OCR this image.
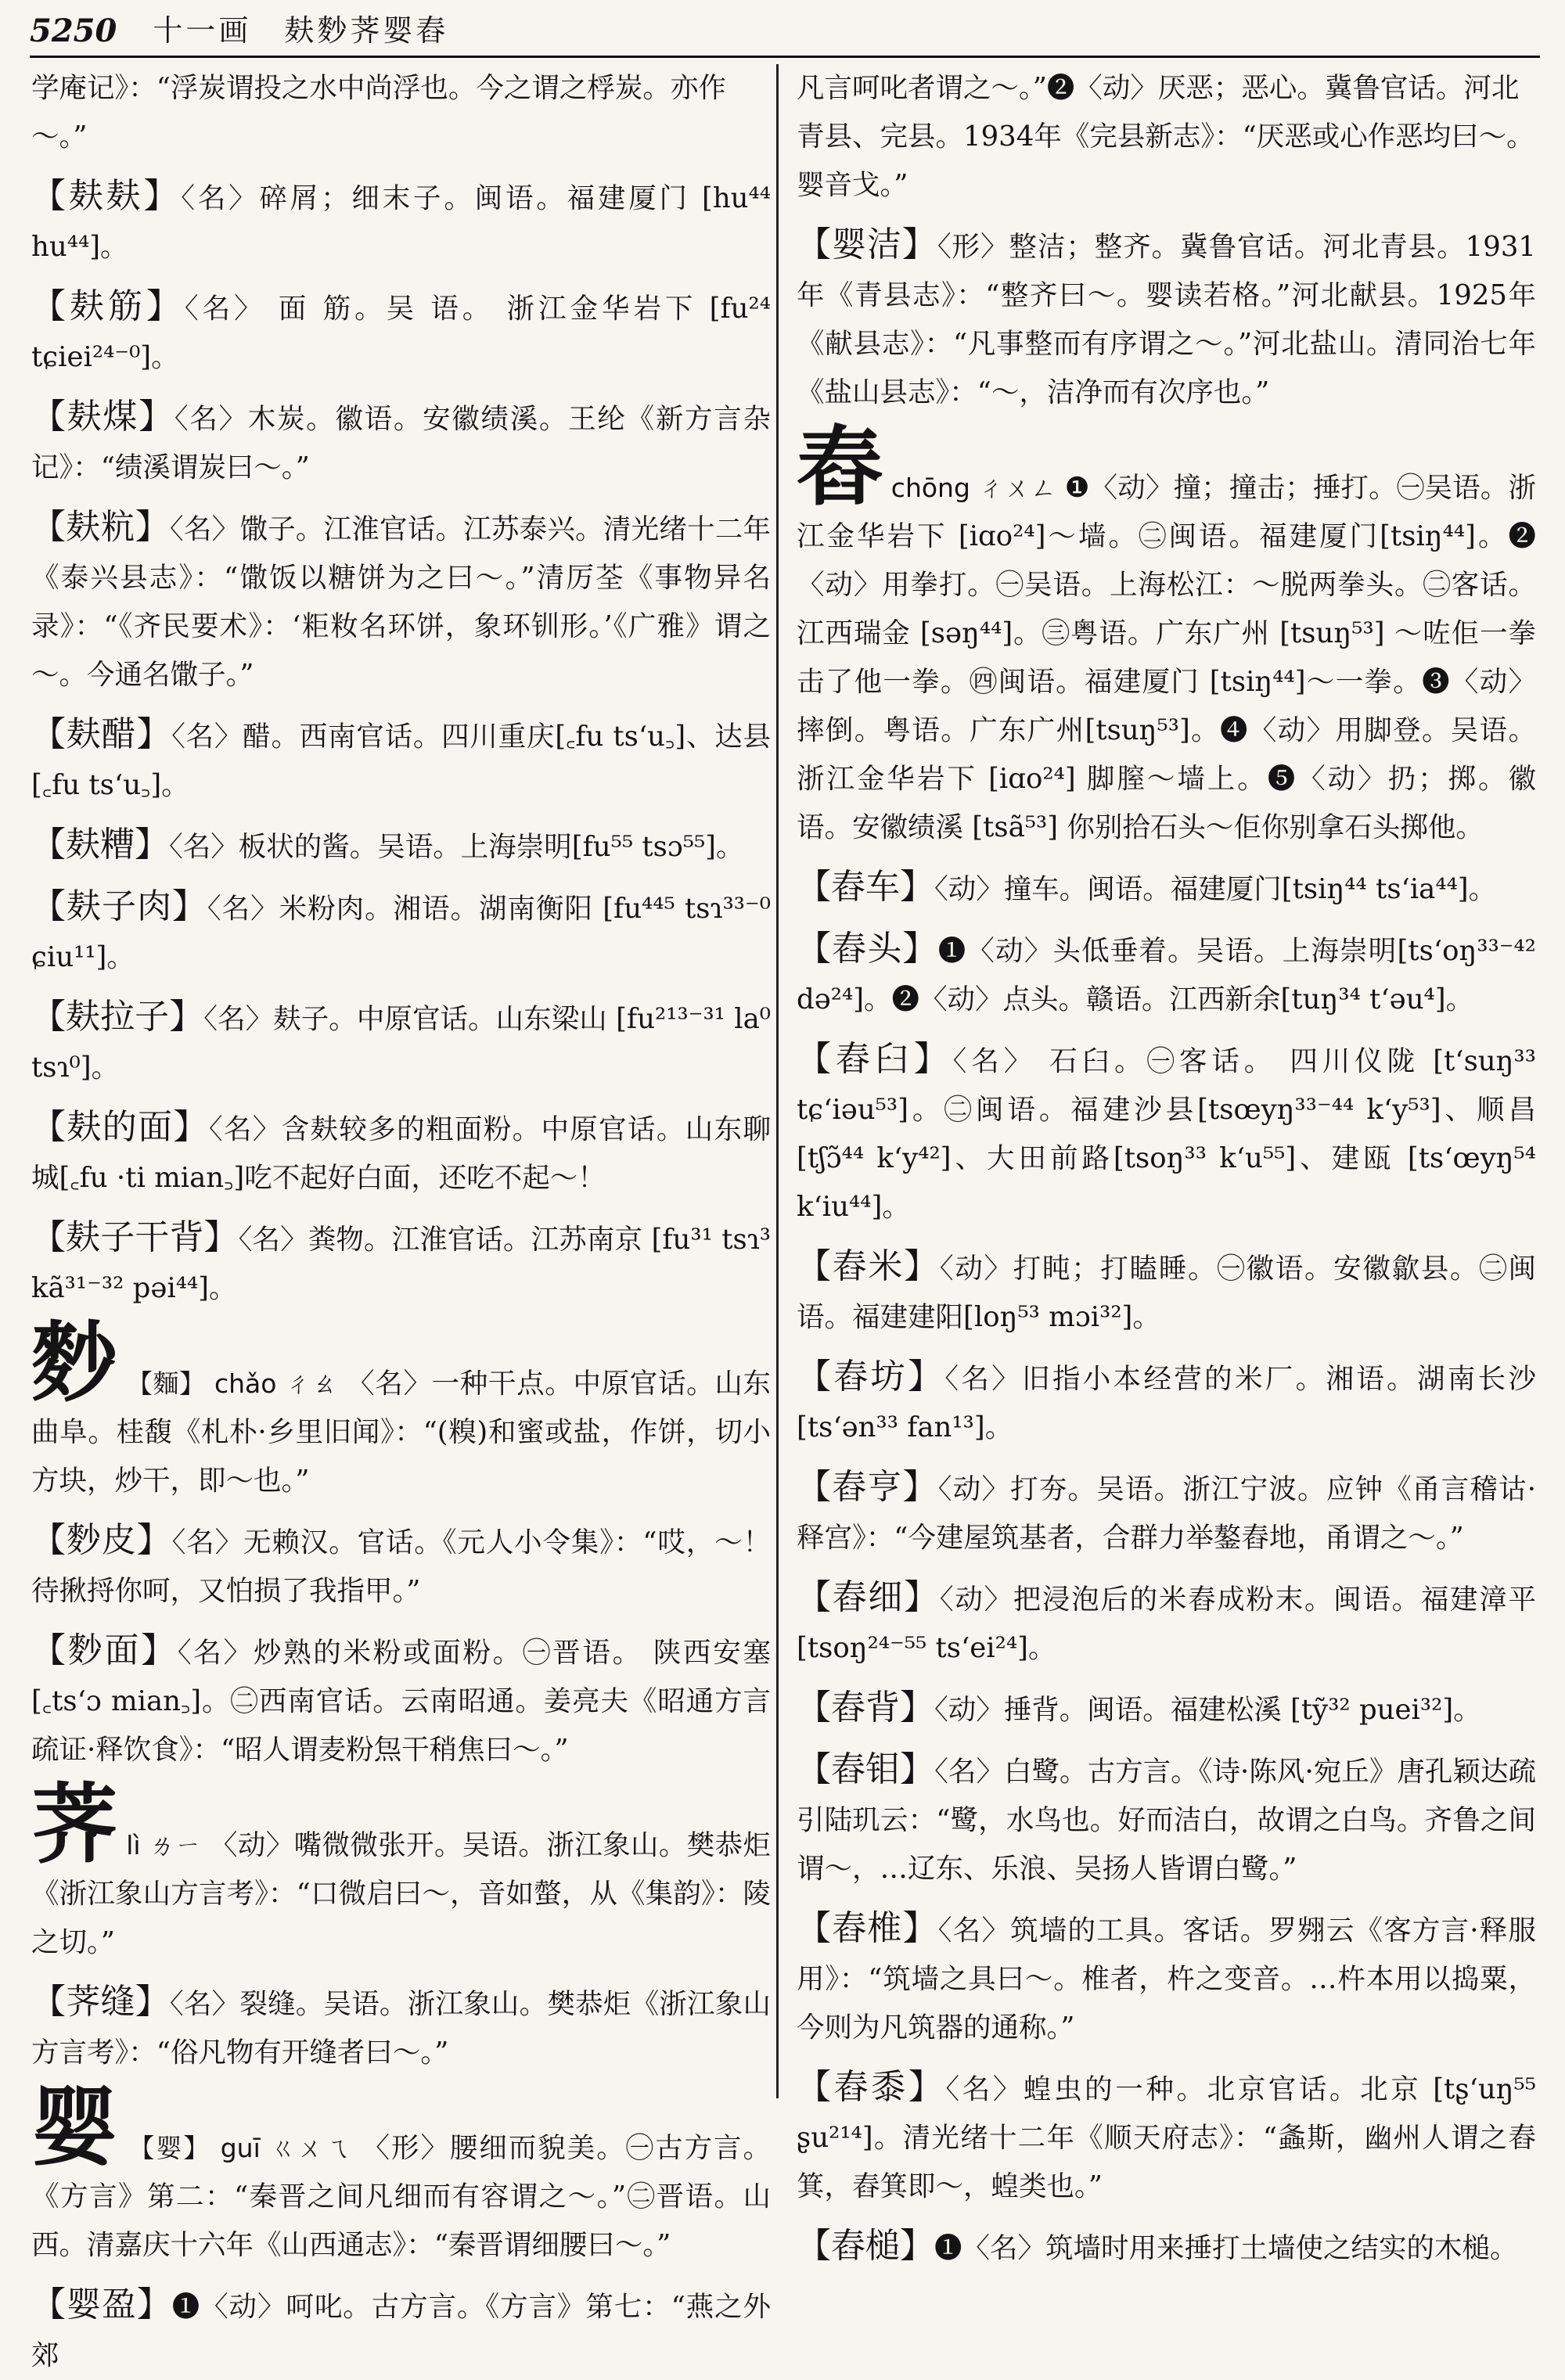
5250 十一画　麸麨荠婴舂

学庵记》：“浮炭谓投之水中尚浮也。今之谓之桴炭。亦作～。”

【麸麸】〈名〉碎屑；细末子。闽语。福建厦门 [hu⁴⁴ hu⁴⁴]。

【麸筋】〈名〉 面 筋。吴 语。 浙江金华岩下 [fu²⁴ tɕiei²⁴⁻⁰]。

【麸煤】〈名〉木炭。徽语。安徽绩溪。王纶《新方言杂记》：“绩溪谓炭曰～。”

【麸粇】〈名〉馓子。江淮官话。江苏泰兴。清光绪十二年《泰兴县志》：“馓饭以糖饼为之曰～。”清厉荃《事物异名录》：“《齐民要术》：‘粔籹名环饼，象环钏形。’《广雅》谓之～。今通名馓子。”

【麸醋】〈名〉醋。西南官话。四川重庆[꜀fu ts‘u꜆]、达县 [꜀fu ts‘u꜆]。

【麸糟】〈名〉板状的酱。吴语。上海崇明[fu⁵⁵ tsɔ⁵⁵]。

【麸子肉】〈名〉米粉肉。湘语。湖南衡阳 [fu⁴⁴⁵ tsɿ³³⁻⁰ ɕiu¹¹]。

【麸拉子】〈名〉麸子。中原官话。山东梁山 [fu²¹³⁻³¹ la⁰ tsɿ⁰]。

【麸的面】〈名〉含麸较多的粗面粉。中原官话。山东聊城[꜀fu ·ti mian꜆]吃不起好白面，还吃不起～！

【麸子干背】〈名〉粪物。江淮官话。江苏南京 [fu³¹ tsɿ³ kã³¹⁻³² pəi⁴⁴]。

麨 【麵】 chǎo ㄔㄠ 〈名〉一种干点。中原官话。山东曲阜。桂馥《札朴·乡里旧闻》：“(糗)和蜜或盐，作饼，切小方块，炒干，即～也。”

【麨皮】〈名〉无赖汉。官话。《元人小令集》：“哎，～！待揪捋你呵，又怕损了我指甲。”

【麨面】〈名〉炒熟的米粉或面粉。㊀晋语。 陕西安塞[꜀ts‘ɔ mian꜆]。㊁西南官话。云南昭通。姜亮夫《昭通方言疏证·释饮食》：“昭人谓麦粉炰干稍焦曰～。”

荠 lì ㄌㄧ 〈动〉嘴微微张开。吴语。浙江象山。樊恭炬《浙江象山方言考》：“口微启曰～，音如螫，从《集韵》：陵之切。”

【荠缝】〈名〉裂缝。吴语。浙江象山。樊恭炬《浙江象山方言考》：“俗凡物有开缝者曰～。”

婴 【婴】 guī ㄍㄨㄟ 〈形〉腰细而貌美。㊀古方言。《方言》第二：“秦晋之间凡细而有容谓之～。”㊁晋语。山西。清嘉庆十六年《山西通志》：“秦晋谓细腰曰～。”

【婴盈】❶〈动〉呵叱。古方言。《方言》第七：“燕之外郊

凡言呵叱者谓之～。”❷〈动〉厌恶；恶心。冀鲁官话。河北青县、完县。1934年《完县新志》：“厌恶或心作恶均曰～。婴音戈。”

【婴洁】〈形〉整洁；整齐。冀鲁官话。河北青县。1931年《青县志》：“整齐曰～。婴读若格。”河北献县。1925年《献县志》：“凡事整而有序谓之～。”河北盐山。清同治七年《盐山县志》：“～，洁净而有次序也。”

舂 chōng ㄔㄨㄥ ❶〈动〉撞；撞击；捶打。㊀吴语。浙江金华岩下 [iɑo²⁴]～墙。㊁闽语。福建厦门[tsiŋ⁴⁴]。❷〈动〉用拳打。㊀吴语。上海松江：～脱两拳头。㊁客话。江西瑞金 [səŋ⁴⁴]。㊂粤语。广东广州 [tsuŋ⁵³] ～咗佢一拳击了他一拳。㊃闽语。福建厦门 [tsiŋ⁴⁴]～一拳。❸〈动〉摔倒。粤语。广东广州[tsuŋ⁵³]。❹〈动〉用脚登。吴语。浙江金华岩下 [iɑo²⁴] 脚膣～墙上。❺〈动〉扔；掷。徽语。安徽绩溪 [tsã⁵³] 你别拾石头～佢你别拿石头掷他。

【舂车】〈动〉撞车。闽语。福建厦门[tsiŋ⁴⁴ ts‘ia⁴⁴]。

【舂头】❶〈动〉头低垂着。吴语。上海崇明[ts‘oŋ³³⁻⁴² də²⁴]。❷〈动〉点头。赣语。江西新余[tuŋ³⁴ t‘əu⁴]。

【舂臼】〈名〉 石臼。㊀客话。 四川仪陇 [t‘suŋ³³ tɕ‘iəu⁵³]。㊁闽语。福建沙县[tsœyŋ³³⁻⁴⁴ k‘y⁵³]、顺昌[tʃɔ̃⁴⁴ k‘y⁴²]、大田前路[tsoŋ³³ k‘u⁵⁵]、建瓯 [ts‘œyŋ⁵⁴ k‘iu⁴⁴]。

【舂米】〈动〉打盹；打瞌睡。㊀徽语。安徽歙县。㊁闽语。福建建阳[loŋ⁵³ mɔi³²]。

【舂坊】〈名〉旧指小本经营的米厂。湘语。湖南长沙 [ts‘ən³³ fan¹³]。

【舂亨】〈动〉打夯。吴语。浙江宁波。应钟《甬言稽诂·释宫》：“今建屋筑基者，合群力举鏊舂地，甬谓之～。”

【舂细】〈动〉把浸泡后的米舂成粉末。闽语。福建漳平 [tsoŋ²⁴⁻⁵⁵ ts‘ei²⁴]。

【舂背】〈动〉捶背。闽语。福建松溪 [tỹ³² puei³²]。

【舂钼】〈名〉白鹭。古方言。《诗·陈风·宛丘》唐孔颖达疏引陆玑云：“鹭，水鸟也。好而洁白，故谓之白鸟。齐鲁之间谓～，…辽东、乐浪、吴扬人皆谓白鹭。”

【舂椎】〈名〉筑墙的工具。客话。罗翙云《客方言·释服用》：“筑墙之具曰～。椎者，杵之变音。…杵本用以捣粟，今则为凡筑器的通称。”

【舂黍】〈名〉蝗虫的一种。北京官话。北京 [tʂ‘uŋ⁵⁵ ʂu²¹⁴]。清光绪十二年《顺天府志》：“螽斯，幽州人谓之舂箕，舂箕即～，蝗类也。”

【舂槌】❶〈名〉筑墙时用来捶打土墙使之结实的木槌。
